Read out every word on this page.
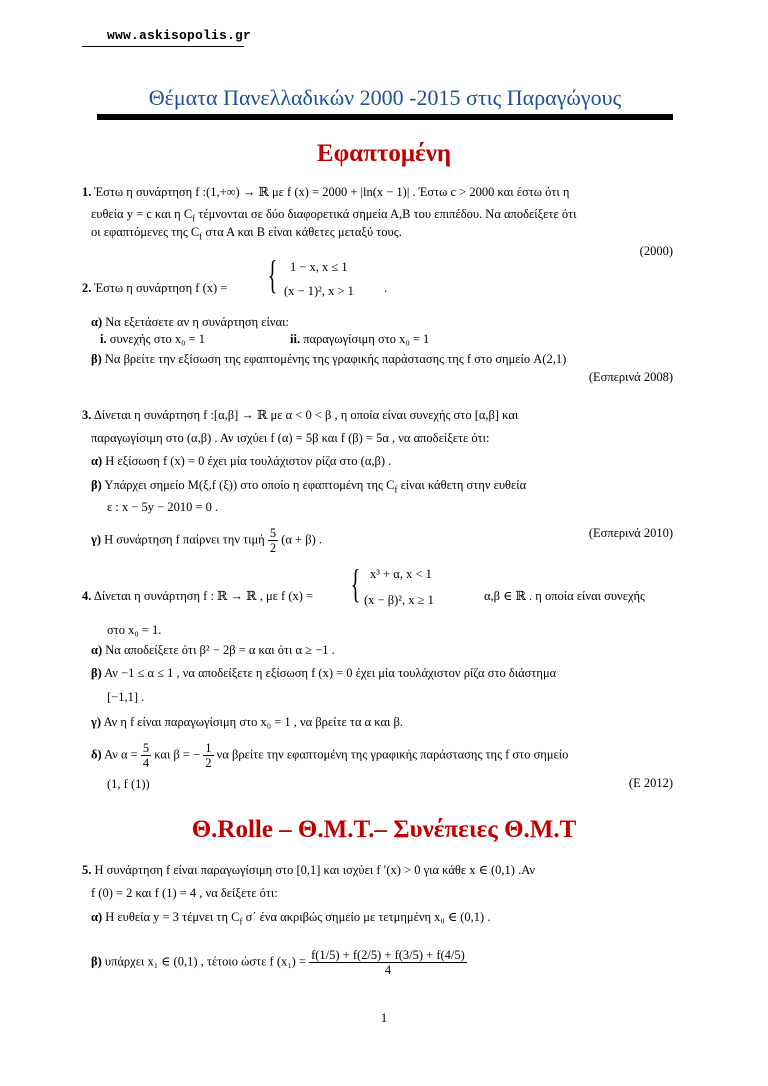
www.askisopolis.gr
Θέματα Πανελλαδικών 2000 -2015 στις Παραγώγους
Εφαπτομένη
1. Έστω η συνάρτηση f :(1,+∞) → ℝ με f (x) = 2000 + |ln(x − 1)| . Έστω c > 2000 και έστω ότι η
ευθεία y = c και η $C_f$ τέμνονται σε δύο διαφορετικά σημεία Α,Β του επιπέδου. Να αποδείξετε ότι
οι εφαπτόμενες της $C_f$ στα Α και Β είναι κάθετες μεταξύ τους.
(2000)
2. Έστω η συνάρτηση f (x) = { 1 − x, x ≤ 1
(x − 1)², x > 1 .
α) Να εξετάσετε αν η συνάρτηση είναι:
i. συνεχής στο x₀ = 1	ii. παραγωγίσιμη στο x₀ = 1
β) Να βρείτε την εξίσωση της εφαπτομένης της γραφικής παράστασης της f στο σημείο A(2,1)
(Εσπερινά 2008)
3. Δίνεται η συνάρτηση f :[α,β] → ℝ με α < 0 < β , η οποία είναι συνεχής στο [α,β] και
παραγωγίσιμη στο (α,β) . Αν ισχύει f (α) = 5β και f (β) = 5α , να αποδείξετε ότι:
α) Η εξίσωση f (x) = 0 έχει μία τουλάχιστον ρίζα στο (α,β) .
β) Υπάρχει σημείο M(ξ,f (ξ)) στο οποίο η εφαπτομένη της $C_f$ είναι κάθετη στην ευθεία
ε : x − 5y − 2010 = 0 .
γ) Η συνάρτηση f παίρνει την τιμή $\frac{5}{2} (\alpha + \beta)$ .	(Εσπερινά 2010)
4. Δίνεται η συνάρτηση f : ℝ → ℝ , με f (x) = { x³ + α, x < 1
(x − β)², x ≥ 1	α,β ∈ ℝ . η οποία είναι συνεχής
στο x₀ = 1.
α) Να αποδείξετε ότι β² − 2β = α και ότι α ≥ −1 .
β) Αν −1 ≤ α ≤ 1 , να αποδείξετε η εξίσωση f (x) = 0 έχει μία τουλάχιστον ρίζα στο διάστημα
[−1,1] .
γ) Αν η f είναι παραγωγίσιμη στο x₀ = 1 , να βρείτε τα α και β.
δ) Αν $\alpha = \frac{5}{4}$ και β = − $\frac{1}{2}$ να βρείτε την εφαπτομένη της γραφικής παράστασης της f στο σημείο
(1, f (1))	(Ε 2012)
Θ.Rolle – Θ.Μ.Τ.– Συνέπειες Θ.Μ.Τ
5. Η συνάρτηση f είναι παραγωγίσιμη στο [0,1] και ισχύει f ′(x) > 0 για κάθε x ∈ (0,1) .Αν
f (0) = 2 και f (1) = 4 , να δείξετε ότι:
α) Η ευθεία y = 3 τέμνει τη $C_f$ σ΄ ένα ακριβώς σημείο με τετμημένη x₀ ∈ (0,1) .
β) υπάρχει x₁ ∈ (0,1) , τέτοιο ώστε f $(x_1) = \frac{f(1/5) + f(2/5) + f(3/5) + f(4/5)}{4}$
1
